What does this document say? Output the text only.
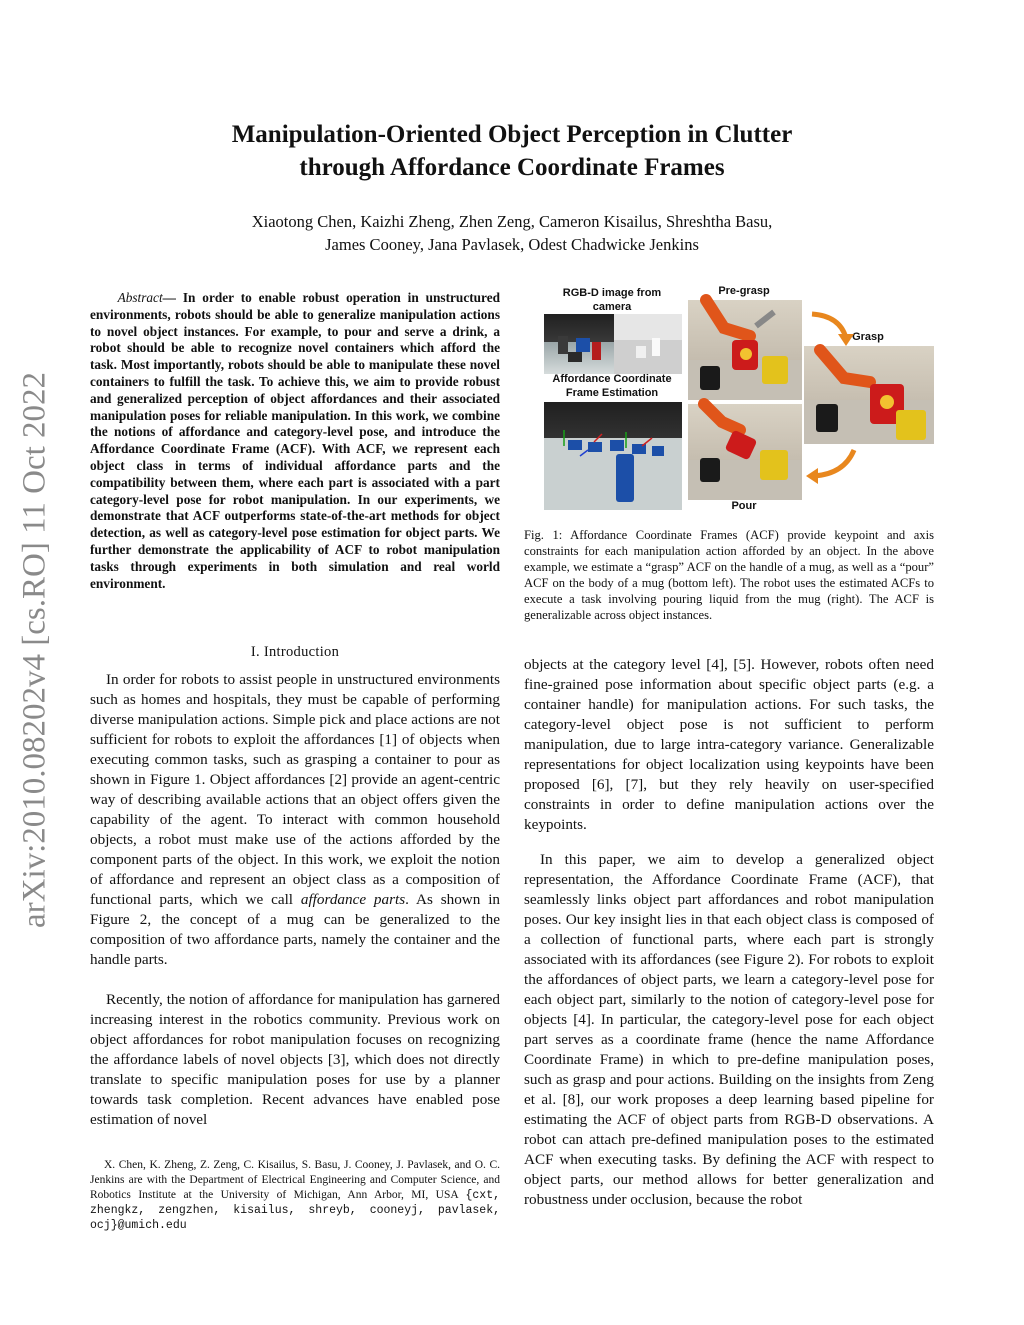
arXiv:2010.08202v4 [cs.RO] 11 Oct 2022
Manipulation-Oriented Object Perception in Clutter
through Affordance Coordinate Frames
Xiaotong Chen, Kaizhi Zheng, Zhen Zeng, Cameron Kisailus, Shreshtha Basu,
James Cooney, Jana Pavlasek, Odest Chadwicke Jenkins
Abstract— In order to enable robust operation in unstructured environments, robots should be able to generalize manipulation actions to novel object instances. For example, to pour and serve a drink, a robot should be able to recognize novel containers which afford the task. Most importantly, robots should be able to manipulate these novel containers to fulfill the task. To achieve this, we aim to provide robust and generalized perception of object affordances and their associated manipulation poses for reliable manipulation. In this work, we combine the notions of affordance and category-level pose, and introduce the Affordance Coordinate Frame (ACF). With ACF, we represent each object class in terms of individual affordance parts and the compatibility between them, where each part is associated with a part category-level pose for robot manipulation. In our experiments, we demonstrate that ACF outperforms state-of-the-art methods for object detection, as well as category-level pose estimation for object parts. We further demonstrate the applicability of ACF to robot manipulation tasks through experiments in both simulation and real world environment.
I. Introduction

In order for robots to assist people in unstructured environments such as homes and hospitals, they must be capable of performing diverse manipulation actions. Simple pick and place actions are not sufficient for robots to exploit the affordances [1] of objects when executing common tasks, such as grasping a container to pour as shown in Figure 1. Object affordances [2] provide an agent-centric way of describing available actions that an object offers given the capability of the agent. To interact with common household objects, a robot must make use of the actions afforded by the component parts of the object. In this work, we exploit the notion of affordance and represent an object class as a composition of functional parts, which we call affordance parts. As shown in Figure 2, the concept of a mug can be generalized to the composition of two affordance parts, namely the container and the handle parts.

Recently, the notion of affordance for manipulation has garnered increasing interest in the robotics community. Previous work on object affordances for robot manipulation focuses on recognizing the affordance labels of novel objects [3], which does not directly translate to specific manipulation poses for use by a planner towards task completion. Recent advances have enabled pose estimation of novel

X. Chen, K. Zheng, Z. Zeng, C. Kisailus, S. Basu, J. Cooney, J. Pavlasek, and O. C. Jenkins are with the Department of Electrical Engineering and Computer Science, and Robotics Institute at the University of Michigan, Ann Arbor, MI, USA {cxt, zhengkz, zengzhen, kisailus, shreyb, cooneyj, pavlasek, ocj}@umich.edu

RGB-D image from
camera
Affordance Coordinate
Frame Estimation
Pre-grasp
Pour
Grasp
Fig. 1: Affordance Coordinate Frames (ACF) provide keypoint and axis constraints for each manipulation action afforded by an object. In the above example, we estimate a “grasp” ACF on the handle of a mug, as well as a “pour” ACF on the body of a mug (bottom left). The robot uses the estimated ACFs to execute a task involving pouring liquid from the mug (right). The ACF is generalizable across object instances.

objects at the category level [4], [5]. However, robots often need fine-grained pose information about specific object parts (e.g. a container handle) for manipulation actions. For such tasks, the category-level object pose is not sufficient to perform manipulation, due to large intra-category variance. Generalizable representations for object localization using keypoints have been proposed [6], [7], but they rely heavily on user-specified constraints in order to define manipulation actions over the keypoints.

In this paper, we aim to develop a generalized object representation, the Affordance Coordinate Frame (ACF), that seamlessly links object part affordances and robot manipulation poses. Our key insight lies in that each object class is composed of a collection of functional parts, where each part is strongly associated with its affordances (see Figure 2). For robots to exploit the affordances of object parts, we learn a category-level pose for each object part, similarly to the notion of category-level pose for objects [4]. In particular, the category-level pose for each object part serves as a coordinate frame (hence the name Affordance Coordinate Frame) in which to pre-define manipulation poses, such as grasp and pour actions. Building on the insights from Zeng et al. [8], our work proposes a deep learning based pipeline for estimating the ACF of object parts from RGB-D observations. A robot can attach pre-defined manipulation poses to the estimated ACF when executing tasks. By defining the ACF with respect to object parts, our method allows for better generalization and robustness under occlusion, because the robot
